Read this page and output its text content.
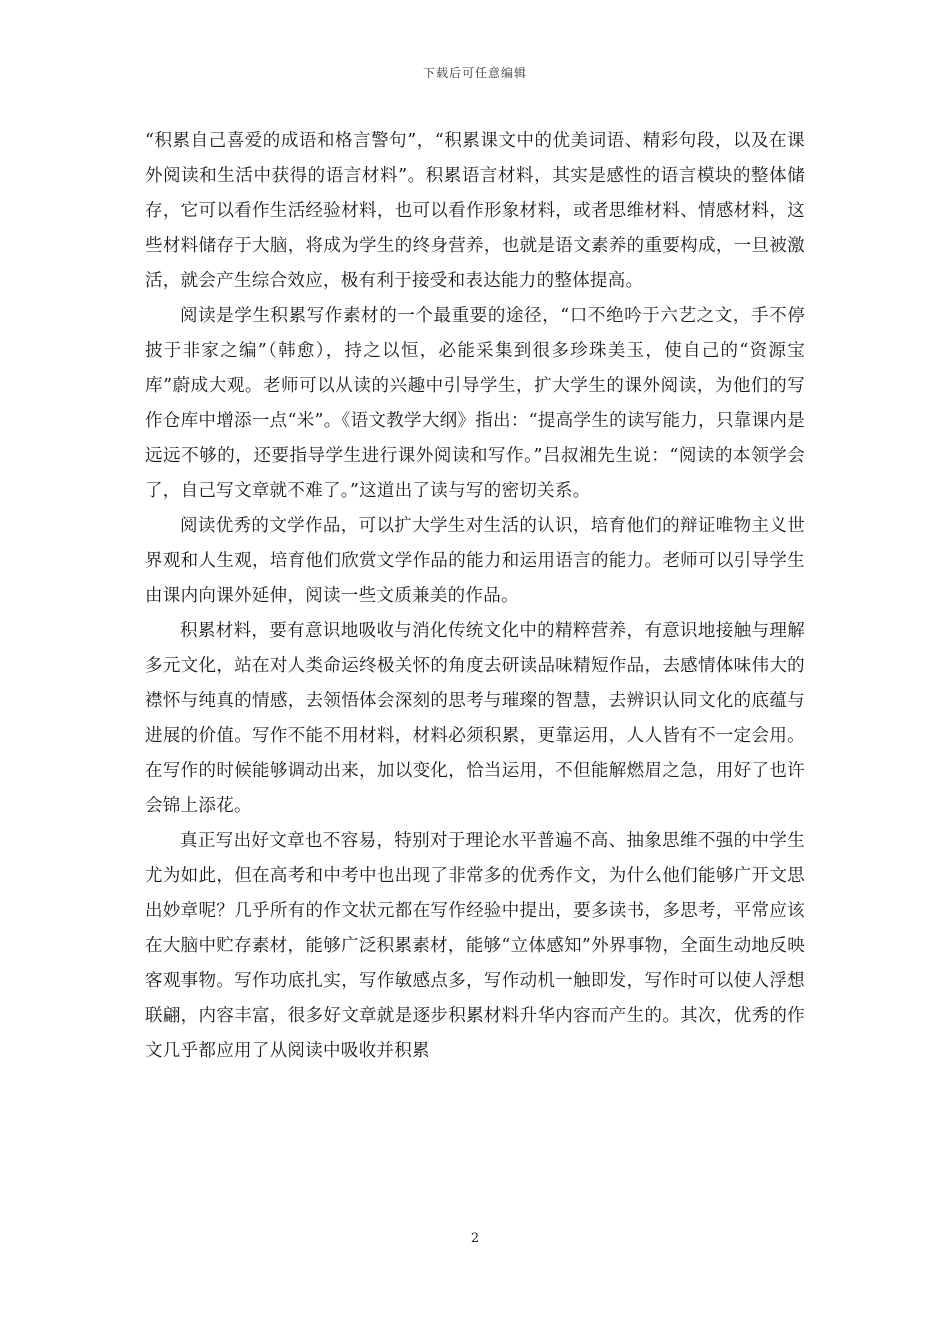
下载后可任意编辑

“积累自己喜爱的成语和格言警句”，“积累课文中的优美词语、精彩句段，以及在课外阅读和生活中获得的语言材料”。积累语言材料，其实是感性的语言模块的整体储存，它可以看作生活经验材料，也可以看作形象材料，或者思维材料、情感材料，这些材料储存于大脑，将成为学生的终身营养，也就是语文素养的重要构成，一旦被激活，就会产生综合效应，极有利于接受和表达能力的整体提高。

阅读是学生积累写作素材的一个最重要的途径，“口不绝吟于六艺之文，手不停披于非家之编”（韩愈），持之以恒，必能采集到很多珍珠美玉，使自己的“资源宝库”蔚成大观。老师可以从读的兴趣中引导学生，扩大学生的课外阅读，为他们的写作仓库中增添一点“米”。《语文教学大纲》指出：“提高学生的读写能力，只靠课内是远远不够的，还要指导学生进行课外阅读和写作。”吕叔湘先生说：“阅读的本领学会了，自己写文章就不难了。”这道出了读与写的密切关系。

阅读优秀的文学作品，可以扩大学生对生活的认识，培育他们的辩证唯物主义世界观和人生观，培育他们欣赏文学作品的能力和运用语言的能力。老师可以引导学生由课内向课外延伸，阅读一些文质兼美的作品。

积累材料，要有意识地吸收与消化传统文化中的精粹营养，有意识地接触与理解多元文化，站在对人类命运终极关怀的角度去研读品味精短作品，去感情体味伟大的襟怀与纯真的情感，去领悟体会深刻的思考与璀璨的智慧，去辨识认同文化的底蕴与进展的价值。写作不能不用材料，材料必须积累，更靠运用，人人皆有不一定会用。在写作的时候能够调动出来，加以变化，恰当运用，不但能解燃眉之急，用好了也许会锦上添花。

真正写出好文章也不容易，特别对于理论水平普遍不高、抽象思维不强的中学生尤为如此，但在高考和中考中也出现了非常多的优秀作文，为什么他们能够广开文思出妙章呢？几乎所有的作文状元都在写作经验中提出，要多读书，多思考，平常应该在大脑中贮存素材，能够广泛积累素材，能够“立体感知”外界事物，全面生动地反映客观事物。写作功底扎实，写作敏感点多，写作动机一触即发，写作时可以使人浮想联翩，内容丰富，很多好文章就是逐步积累材料升华内容而产生的。其次，优秀的作文几乎都应用了从阅读中吸收并积累

2
